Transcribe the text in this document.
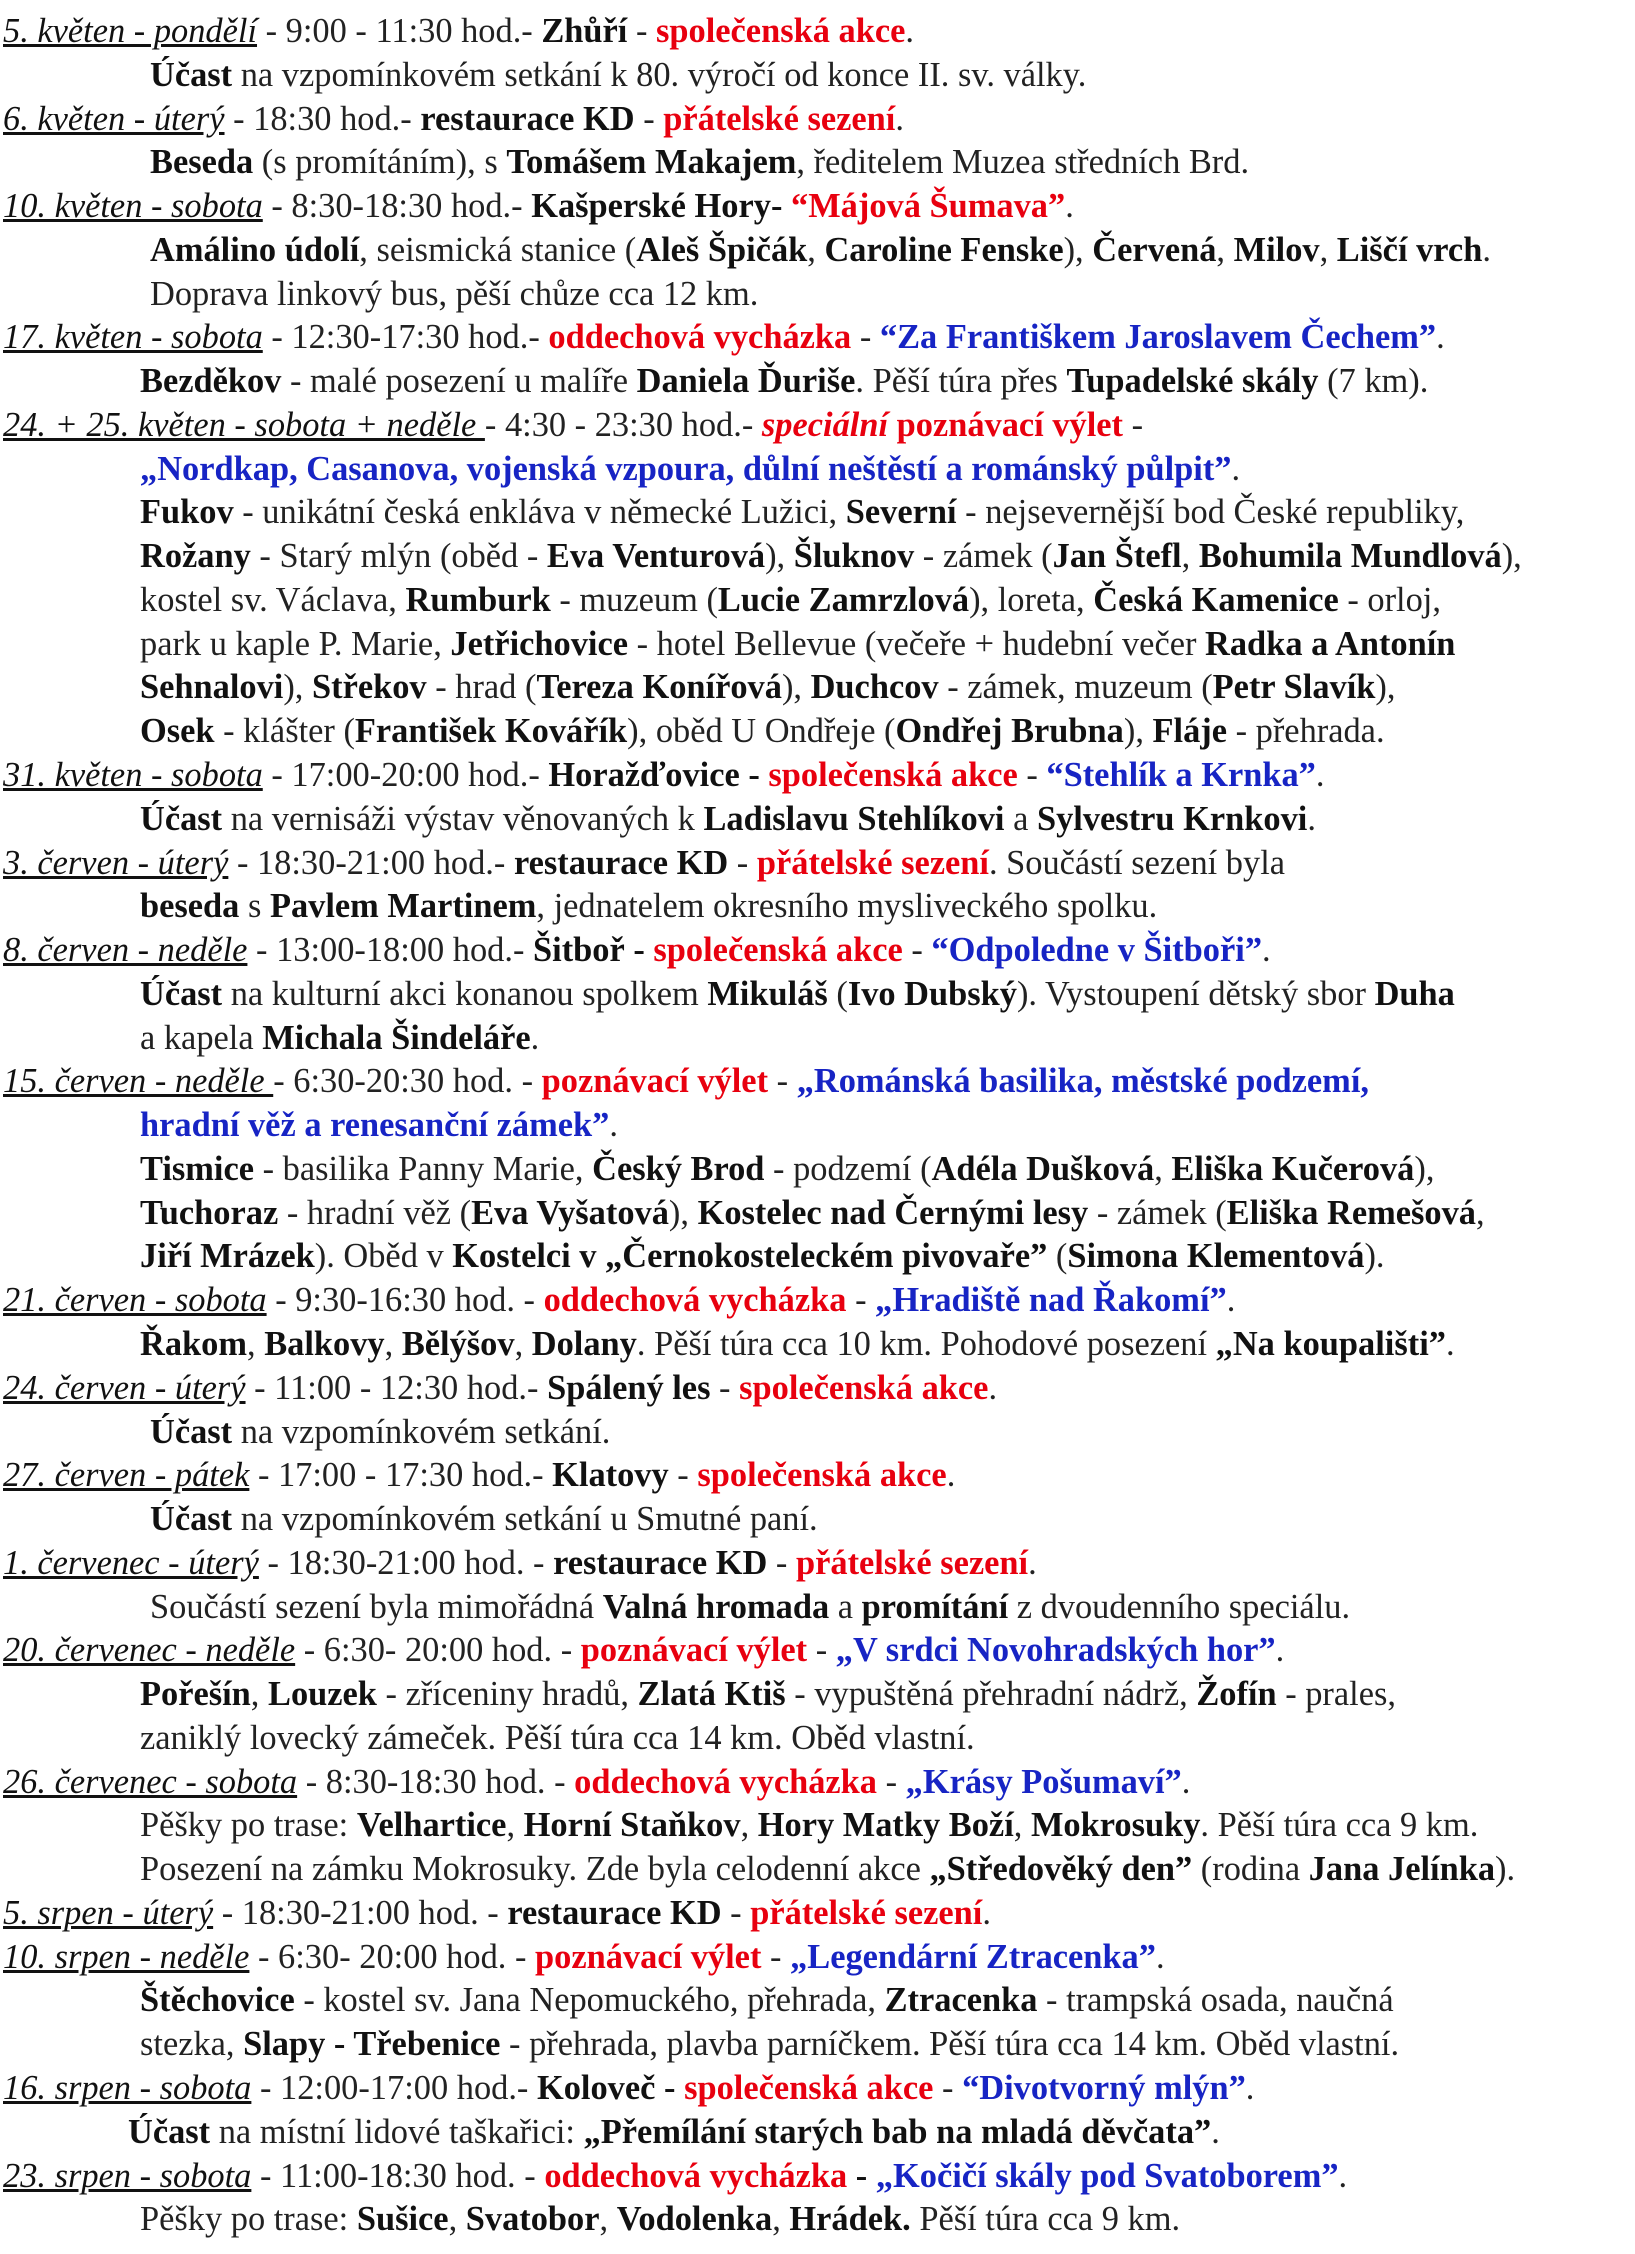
5. květen - pondělí - 9:00 - 11:30 hod.- Zhůří - společenská akce.
Účast na vzpomínkovém setkání k 80. výročí od konce II. sv. války.
6. květen - úterý - 18:30 hod.- restaurace KD - přátelské sezení.
Beseda (s promítáním), s Tomášem Makajem, ředitelem Muzea středních Brd.
10. květen - sobota - 8:30-18:30 hod.- Kašperské Hory- “Májová Šumava”.
Amálino údolí, seismická stanice (Aleš Špičák, Caroline Fenske), Červená, Milov, Liščí vrch.
Doprava linkový bus, pěší chůze cca 12 km.
17. květen - sobota - 12:30-17:30 hod.- oddechová vycházka - “Za Františkem Jaroslavem Čechem”.
Bezděkov - malé posezení u malíře Daniela Ďuriše. Pěší túra přes Tupadelské skály (7 km).
24. + 25. květen - sobota + neděle - 4:30 - 23:30 hod.- speciální poznávací výlet -
„Nordkap, Casanova, vojenská vzpoura, důlní neštěstí a románský půlpit”.
Fukov - unikátní česká enkláva v německé Lužici, Severní - nejsevernější bod České republiky,
Rožany - Starý mlýn (oběd - Eva Venturová), Šluknov - zámek (Jan Štefl, Bohumila Mundlová),
kostel sv. Václava, Rumburk - muzeum (Lucie Zamrzlová), loreta, Česká Kamenice - orloj,
park u kaple P. Marie, Jetřichovice - hotel Bellevue (večeře + hudební večer Radka a Antonín
Sehnalovi), Střekov - hrad (Tereza Konířová), Duchcov - zámek, muzeum (Petr Slavík),
Osek - klášter (František Kovářík), oběd U Ondřeje (Ondřej Brubna), Fláje - přehrada.
31. květen - sobota - 17:00-20:00 hod.- Horažďovice - společenská akce - “Stehlík a Krnka”.
Účast na vernisáži výstav věnovaných k Ladislavu Stehlíkovi a Sylvestru Krnkovi.
3. červen - úterý - 18:30-21:00 hod.- restaurace KD - přátelské sezení. Součástí sezení byla
beseda s Pavlem Martinem, jednatelem okresního mysliveckého spolku.
8. červen - neděle - 13:00-18:00 hod.- Šitboř - společenská akce - “Odpoledne v Šitboři”.
Účast na kulturní akci konanou spolkem Mikuláš (Ivo Dubský). Vystoupení dětský sbor Duha
a kapela Michala Šindeláře.
15. červen - neděle - 6:30-20:30 hod. - poznávací výlet - „Románská basilika, městské podzemí,
hradní věž a renesanční zámek”.
Tismice - basilika Panny Marie, Český Brod - podzemí (Adéla Dušková, Eliška Kučerová),
Tuchoraz - hradní věž (Eva Vyšatová), Kostelec nad Černými lesy - zámek (Eliška Remešová,
Jiří Mrázek). Oběd v Kostelci v „Černokosteleckém pivovaře” (Simona Klementová).
21. červen - sobota - 9:30-16:30 hod. - oddechová vycházka - „Hradiště nad Řakomí”.
Řakom, Balkovy, Bělýšov, Dolany. Pěší túra cca 10 km. Pohodové posezení „Na koupališti”.
24. červen - úterý - 11:00 - 12:30 hod.- Spálený les - společenská akce.
Účast na vzpomínkovém setkání.
27. červen - pátek - 17:00 - 17:30 hod.- Klatovy - společenská akce.
Účast na vzpomínkovém setkání u Smutné paní.
1. červenec - úterý - 18:30-21:00 hod. - restaurace KD - přátelské sezení.
Součástí sezení byla mimořádná Valná hromada a promítání z dvoudenního speciálu.
20. červenec - neděle - 6:30- 20:00 hod. - poznávací výlet - „V srdci Novohradských hor”.
Pořešín, Louzek - zříceniny hradů, Zlatá Ktiš - vypuštěná přehradní nádrž, Žofín - prales,
zaniklý lovecký zámeček. Pěší túra cca 14 km. Oběd vlastní.
26. červenec - sobota - 8:30-18:30 hod. - oddechová vycházka - „Krásy Pošumaví”.
Pěšky po trase: Velhartice, Horní Staňkov, Hory Matky Boží, Mokrosuky. Pěší túra cca 9 km.
Posezení na zámku Mokrosuky. Zde byla celodenní akce „Středověký den” (rodina Jana Jelínka).
5. srpen - úterý - 18:30-21:00 hod. - restaurace KD - přátelské sezení.
10. srpen - neděle - 6:30- 20:00 hod. - poznávací výlet - „Legendární Ztracenka”.
Štěchovice - kostel sv. Jana Nepomuckého, přehrada, Ztracenka - trampská osada, naučná
stezka, Slapy - Třebenice - přehrada, plavba parníčkem. Pěší túra cca 14 km. Oběd vlastní.
16. srpen - sobota - 12:00-17:00 hod.- Koloveč - společenská akce - “Divotvorný mlýn”.
Účast na místní lidové taškařici: „Přemílání starých bab na mladá děvčata”.
23. srpen - sobota - 11:00-18:30 hod. - oddechová vycházka - „Kočičí skály pod Svatoborem”.
Pěšky po trase: Sušice, Svatobor, Vodolenka, Hrádek. Pěší túra cca 9 km.
